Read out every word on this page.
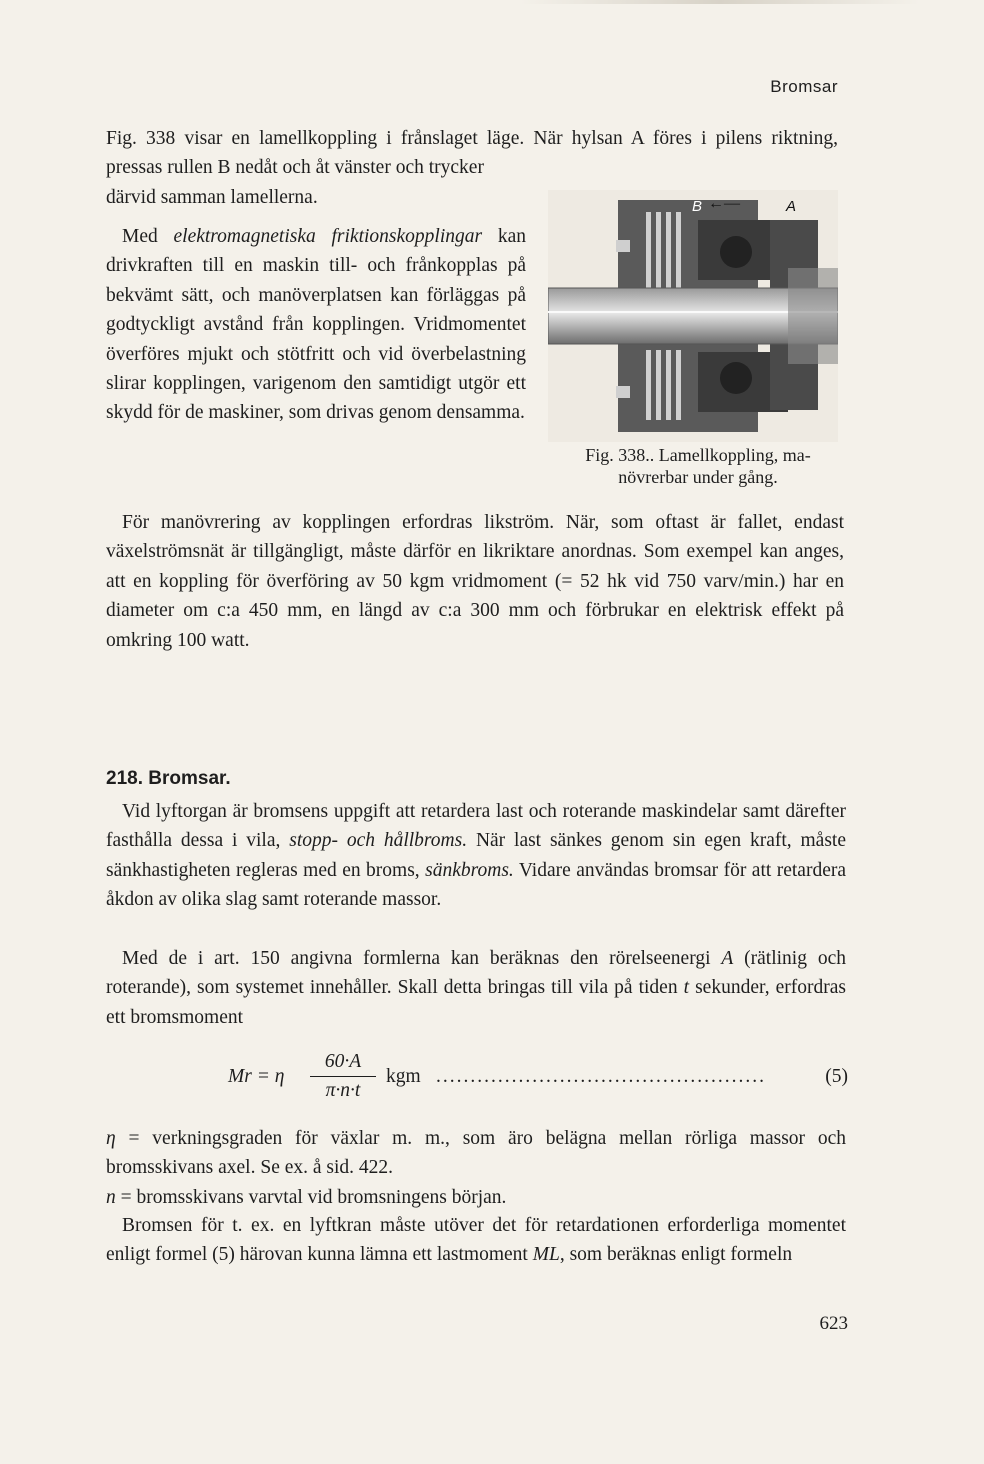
Bromsar
Fig. 338 visar en lamellkoppling i frånslaget läge. När hylsan A föres i pilens riktning, pressas rullen B nedåt och åt vänster och trycker
därvid samman lamellerna.
Med elektromagnetiska friktionskopplingar kan drivkraften till en maskin till- och frånkopplas på bekvämt sätt, och manöverplatsen kan förläggas på godtyckligt avstånd från kopplingen. Vridmomentet överföres mjukt och stötfritt och vid överbelastning slirar kopplingen, varigenom den samtidigt utgör ett skydd för de maskiner, som drivas genom densamma.
B ←—	A
Fig. 338.. Lamellkoppling, ma-
növrerbar under gång.
För manövrering av kopplingen erfordras likström. När, som oftast är fallet, endast växelströmsnät är tillgängligt, måste därför en likriktare anordnas. Som exempel kan anges, att en koppling för överföring av 50 kgm vridmoment (= 52 hk vid 750 varv/min.) har en diameter om c:a 450 mm, en längd av c:a 300 mm och förbrukar en elektrisk effekt på omkring 100 watt.
218. Bromsar.
Vid lyftorgan är bromsens uppgift att retardera last och roterande maskindelar samt därefter fasthålla dessa i vila, stopp- och hållbroms. När last sänkes genom sin egen kraft, måste sänkhastigheten regleras med en broms, sänkbroms. Vidare användas bromsar för att retardera åkdon av olika slag samt roterande massor.
Med de i art. 150 angivna formlerna kan beräknas den rörelseenergi A (rätlinig och roterande), som systemet innehåller. Skall detta bringas till vila på tiden t sekunder, erfordras ett bromsmoment
Mr = η
60·A
π·n·t
kgm ................................................	(5)
η = verkningsgraden för växlar m. m., som äro belägna mellan rörliga massor och bromsskivans axel. Se ex. å sid. 422.
n = bromsskivans varvtal vid bromsningens början.
Bromsen för t. ex. en lyftkran måste utöver det för retardationen erforderliga momentet enligt formel (5) härovan kunna lämna ett lastmoment ML, som beräknas enligt formeln
623
